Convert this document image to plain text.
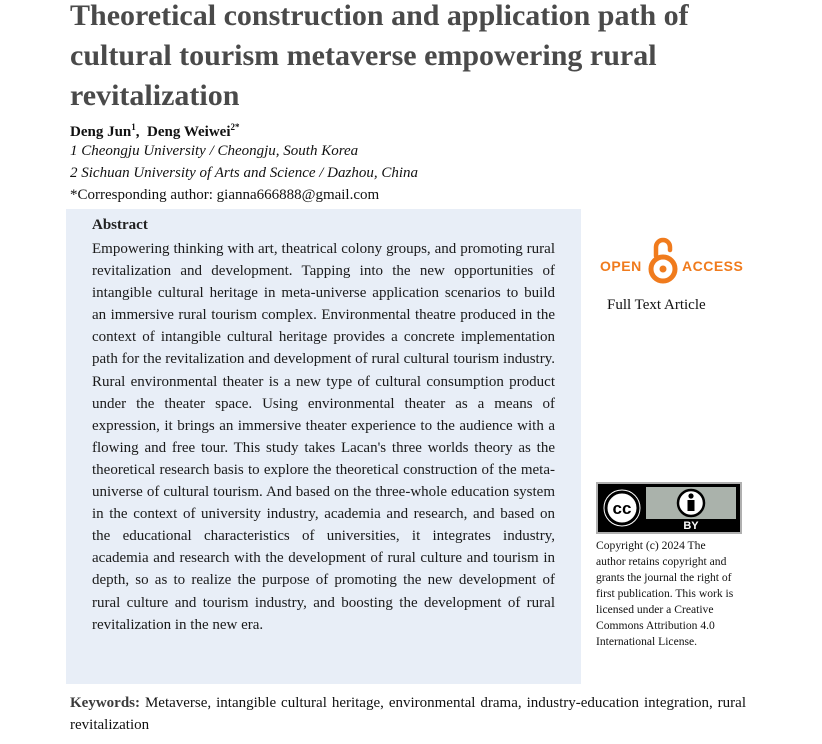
Theoretical construction and application path of cultural tourism metaverse empowering rural revitalization
Deng Jun$^1$,  Deng Weiwei$^{2*}$
1 Cheongju University / Cheongju, South Korea
2 Sichuan University of Arts and Science / Dazhou, China
*Corresponding author: gianna666888@gmail.com
Abstract

Empowering thinking with art, theatrical colony groups, and promoting rural revitalization and development. Tapping into the new opportunities of intangible cultural heritage in meta-universe application scenarios to build an immersive rural tourism complex. Environmental theatre produced in the context of intangible cultural heritage provides a concrete implementation path for the revitalization and development of rural cultural tourism industry. Rural environmental theater is a new type of cultural consumption product under the theater space. Using environmental theater as a means of expression, it brings an immersive theater experience to the audience with a flowing and free tour. This study takes Lacan's three worlds theory as the theoretical research basis to explore the theoretical construction of the meta-universe of cultural tourism. And based on the three-whole education system in the context of university industry, academia and research, and based on the educational characteristics of universities, it integrates industry, academia and research with the development of rural culture and tourism in depth, so as to realize the purpose of promoting the new development of rural culture and tourism industry, and boosting the development of rural revitalization in the new era.

OPEN	ACCESS
Full Text Article
cc
BY

Copyright (c) 2024 The author retains copyright and grants the journal the right of first publication. This work is licensed under a Creative Commons Attribution 4.0 International License.

Keywords: Metaverse, intangible cultural heritage, environmental drama, industry-education integration, rural revitalization
